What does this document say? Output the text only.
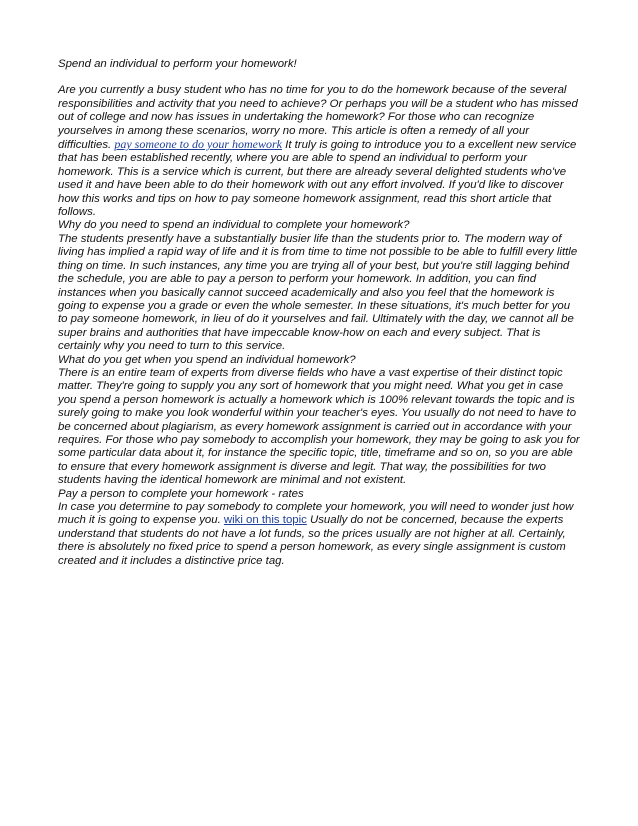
Spend an individual to perform your homework!

Are you currently a busy student who has no time for you to do the homework because of the several responsibilities and activity that you need to achieve? Or perhaps you will be a student who has missed out of college and now has issues in undertaking the homework? For those who can recognize yourselves in among these scenarios, worry no more. This article is often a remedy of all your difficulties. pay someone to do your homework It truly is going to introduce you to a excellent new service that has been established recently, where you are able to spend an individual to perform your homework. This is a service which is current, but there are already several delighted students who've used it and have been able to do their homework with out any effort involved. If you'd like to discover how this works and tips on how to pay someone homework assignment, read this short article that follows.

Why do you need to spend an individual to complete your homework?

The students presently have a substantially busier life than the students prior to. The modern way of living has implied a rapid way of life and it is from time to time not possible to be able to fulfill every little thing on time. In such instances, any time you are trying all of your best, but you're still lagging behind the schedule, you are able to pay a person to perform your homework. In addition, you can find instances when you basically cannot succeed academically and also you feel that the homework is going to expense you a grade or even the whole semester. In these situations, it's much better for you to pay someone homework, in lieu of do it yourselves and fail. Ultimately with the day, we cannot all be super brains and authorities that have impeccable know-how on each and every subject. That is certainly why you need to turn to this service.

What do you get when you spend an individual homework?

There is an entire team of experts from diverse fields who have a vast expertise of their distinct topic matter. They're going to supply you any sort of homework that you might need. What you get in case you spend a person homework is actually a homework which is 100% relevant towards the topic and is surely going to make you look wonderful within your teacher's eyes. You usually do not need to have to be concerned about plagiarism, as every homework assignment is carried out in accordance with your requires. For those who pay somebody to accomplish your homework, they may be going to ask you for some particular data about it, for instance the specific topic, title, timeframe and so on, so you are able to ensure that every homework assignment is diverse and legit. That way, the possibilities for two students having the identical homework are minimal and not existent.

Pay a person to complete your homework - rates

In case you determine to pay somebody to complete your homework, you will need to wonder just how much it is going to expense you. wiki on this topic Usually do not be concerned, because the experts understand that students do not have a lot funds, so the prices usually are not higher at all. Certainly, there is absolutely no fixed price to spend a person homework, as every single assignment is custom created and it includes a distinctive price tag.
